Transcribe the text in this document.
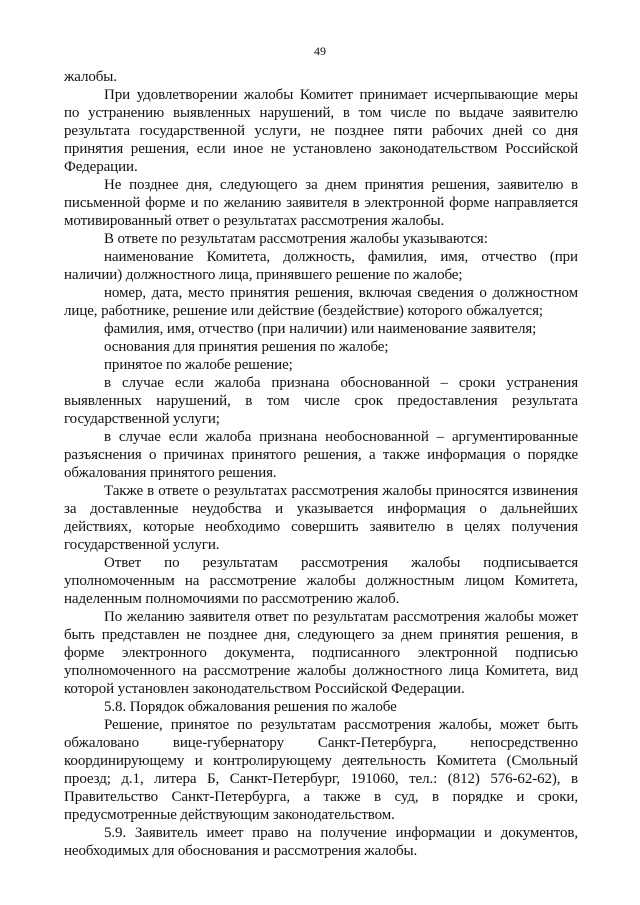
49

жалобы.

При удовлетворении жалобы Комитет принимает исчерпывающие меры по устранению выявленных нарушений, в том числе по выдаче заявителю результата государственной услуги, не позднее пяти рабочих дней со дня принятия решения, если иное не установлено законодательством Российской Федерации.

Не позднее дня, следующего за днем принятия решения, заявителю в письменной форме и по желанию заявителя в электронной форме направляется мотивированный ответ о результатах рассмотрения жалобы.

В ответе по результатам рассмотрения жалобы указываются:

наименование Комитета, должность, фамилия, имя, отчество (при наличии) должностного лица, принявшего решение по жалобе;

номер, дата, место принятия решения, включая сведения о должностном лице, работнике, решение или действие (бездействие) которого обжалуется;

фамилия, имя, отчество (при наличии) или наименование заявителя;

основания для принятия решения по жалобе;

принятое по жалобе решение;

в случае если жалоба признана обоснованной – сроки устранения выявленных нарушений, в том числе срок предоставления результата государственной услуги;

в случае если жалоба признана необоснованной – аргументированные разъяснения о причинах принятого решения, а также информация о порядке обжалования принятого решения.

Также в ответе о результатах рассмотрения жалобы приносятся извинения за доставленные неудобства и указывается информация о дальнейших действиях, которые необходимо совершить заявителю в целях получения государственной услуги.

Ответ по результатам рассмотрения жалобы подписывается уполномоченным на рассмотрение жалобы должностным лицом Комитета, наделенным полномочиями по рассмотрению жалоб.

По желанию заявителя ответ по результатам рассмотрения жалобы может быть представлен не позднее дня, следующего за днем принятия решения, в форме электронного документа, подписанного электронной подписью уполномоченного на рассмотрение жалобы должностного лица Комитета, вид которой установлен законодательством Российской Федерации.

5.8. Порядок обжалования решения по жалобе

Решение, принятое по результатам рассмотрения жалобы, может быть обжаловано вице-губернатору Санкт-Петербурга, непосредственно координирующему и контролирующему деятельность Комитета (Смольный проезд; д.1, литера Б, Санкт-Петербург, 191060, тел.: (812) 576-62-62), в Правительство Санкт-Петербурга, а также в суд, в порядке и сроки, предусмотренные действующим законодательством.

5.9. Заявитель имеет право на получение информации и документов, необходимых для обоснования и рассмотрения жалобы.
